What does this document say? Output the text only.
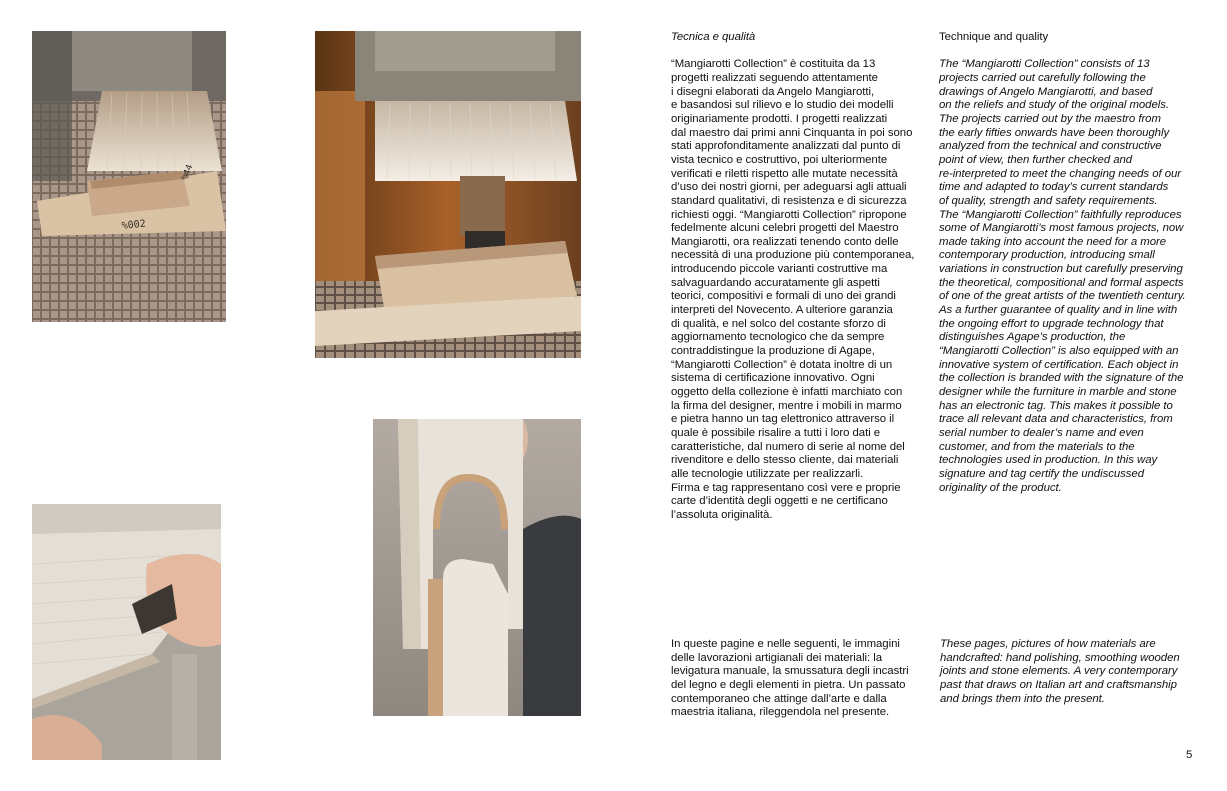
%002
%44

Tecnica e qualità

“Mangiarotti Collection” è costituita da 13
progetti realizzati seguendo attentamente
i disegni elaborati da Angelo Mangiarotti,
e basandosi sul rilievo e lo studio dei modelli
originariamente prodotti. I progetti realizzati
dal maestro dai primi anni Cinquanta in poi sono
stati approfonditamente analizzati dal punto di
vista tecnico e costruttivo, poi ulteriormente
verificati e riletti rispetto alle mutate necessità
d’uso dei nostri giorni, per adeguarsi agli attuali
standard qualitativi, di resistenza e di sicurezza
richiesti oggi. “Mangiarotti Collection” ripropone
fedelmente alcuni celebri progetti del Maestro
Mangiarotti, ora realizzati tenendo conto delle
necessità di una produzione più contemporanea,
introducendo piccole varianti costruttive ma
salvaguardando accuratamente gli aspetti
teorici, compositivi e formali di uno dei grandi
interpreti del Novecento. A ulteriore garanzia
di qualità, e nel solco del costante sforzo di
aggiornamento tecnologico che da sempre
contraddistingue la produzione di Agape,
“Mangiarotti Collection” è dotata inoltre di un
sistema di certificazione innovativo. Ogni
oggetto della collezione è infatti marchiato con
la firma del designer, mentre i mobili in marmo
e pietra hanno un tag elettronico attraverso il
quale è possibile risalire a tutti i loro dati e
caratteristiche, dal numero di serie al nome del
rivenditore e dello stesso cliente, dai materiali
alle tecnologie utilizzate per realizzarli.
Firma e tag rappresentano così vere e proprie
carte d’identità degli oggetti e ne certificano
l’assoluta originalità.

Technique and quality

The “Mangiarotti Collection” consists of 13
projects carried out carefully following the
drawings of Angelo Mangiarotti, and based
on the reliefs and study of the original models.
The projects carried out by the maestro from
the early fifties onwards have been thoroughly
analyzed from the technical and constructive
point of view, then further checked and
re-interpreted to meet the changing needs of our
time and adapted to today’s current standards
of quality, strength and safety requirements.
The “Mangiarotti Collection” faithfully reproduces
some of Mangiarotti’s most famous projects, now
made taking into account the need for a more
contemporary production, introducing small
variations in construction but carefully preserving
the theoretical, compositional and formal aspects
of one of the great artists of the twentieth century.
As a further guarantee of quality and in line with
the ongoing effort to upgrade technology that
distinguishes Agape’s production, the
“Mangiarotti Collection” is also equipped with an
innovative system of certification. Each object in
the collection is branded with the signature of the
designer while the furniture in marble and stone
has an electronic tag. This makes it possible to
trace all relevant data and characteristics, from
serial number to dealer’s name and even
customer, and from the materials to the
technologies used in production. In this way
signature and tag certify the undiscussed
originality of the product.

In queste pagine e nelle seguenti, le immagini
delle lavorazioni artigianali dei materiali: la
levigatura manuale, la smussatura degli incastri
del legno e degli elementi in pietra. Un passato
contemporaneo che attinge dall’arte e dalla
maestria italiana, rileggendola nel presente.

These pages, pictures of how materials are
handcrafted: hand polishing, smoothing wooden
joints and stone elements. A very contemporary
past that draws on Italian art and craftsmanship
and brings them into the present.

5
